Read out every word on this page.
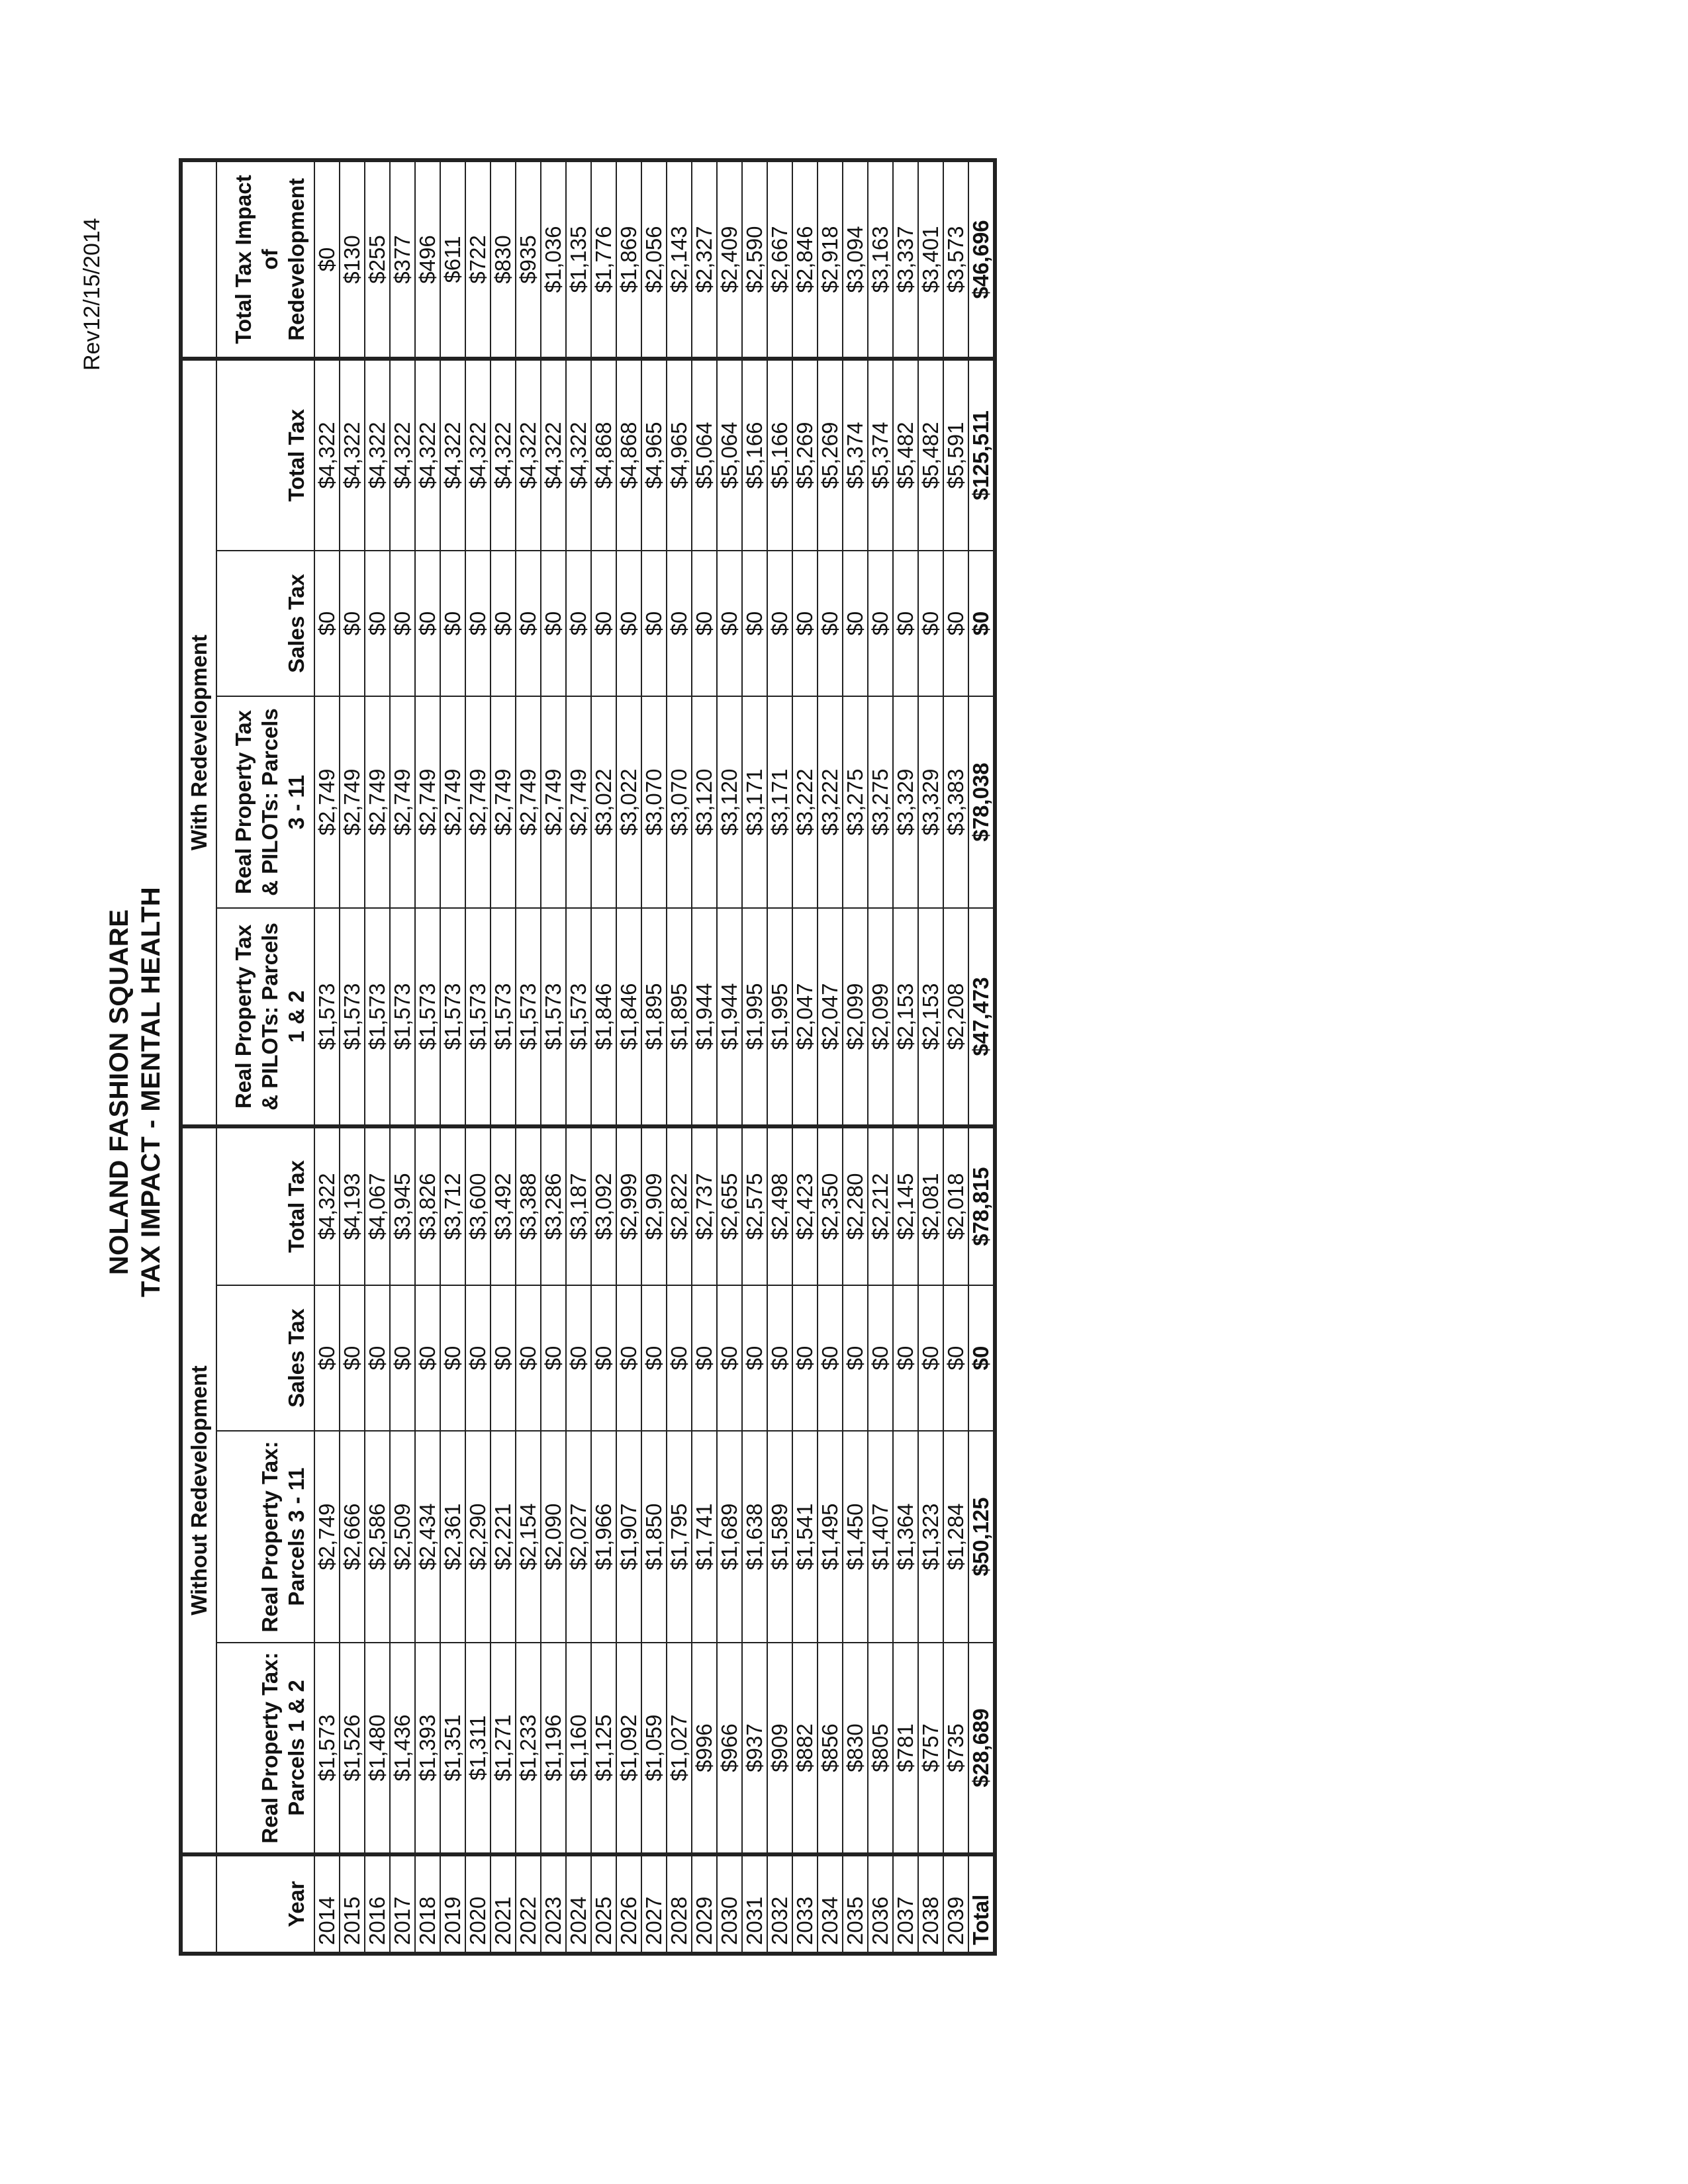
Rev12/15/2014
NOLAND FASHION SQUARE TAX IMPACT - MENTAL HEALTH
	Without Redevelopment				With Redevelopment				
Year	Real Property Tax: Parcels 1 & 2	Real Property Tax: Parcels 3 - 11	Sales Tax	Total Tax	Real Property Tax & PILOTs: Parcels 1 & 2	Real Property Tax & PILOTs: Parcels 3 - 11	Sales Tax	Total Tax	Total Tax Impact of Redevelopment
2014	$1,573	$2,749	$0	$4,322	$1,573	$2,749	$0	$4,322	$0
2015	$1,526	$2,666	$0	$4,193	$1,573	$2,749	$0	$4,322	$130
2016	$1,480	$2,586	$0	$4,067	$1,573	$2,749	$0	$4,322	$255
2017	$1,436	$2,509	$0	$3,945	$1,573	$2,749	$0	$4,322	$377
2018	$1,393	$2,434	$0	$3,826	$1,573	$2,749	$0	$4,322	$496
2019	$1,351	$2,361	$0	$3,712	$1,573	$2,749	$0	$4,322	$611
2020	$1,311	$2,290	$0	$3,600	$1,573	$2,749	$0	$4,322	$722
2021	$1,271	$2,221	$0	$3,492	$1,573	$2,749	$0	$4,322	$830
2022	$1,233	$2,154	$0	$3,388	$1,573	$2,749	$0	$4,322	$935
2023	$1,196	$2,090	$0	$3,286	$1,573	$2,749	$0	$4,322	$1,036
2024	$1,160	$2,027	$0	$3,187	$1,573	$2,749	$0	$4,322	$1,135
2025	$1,125	$1,966	$0	$3,092	$1,846	$3,022	$0	$4,868	$1,776
2026	$1,092	$1,907	$0	$2,999	$1,846	$3,022	$0	$4,868	$1,869
2027	$1,059	$1,850	$0	$2,909	$1,895	$3,070	$0	$4,965	$2,056
2028	$1,027	$1,795	$0	$2,822	$1,895	$3,070	$0	$4,965	$2,143
2029	$996	$1,741	$0	$2,737	$1,944	$3,120	$0	$5,064	$2,327
2030	$966	$1,689	$0	$2,655	$1,944	$3,120	$0	$5,064	$2,409
2031	$937	$1,638	$0	$2,575	$1,995	$3,171	$0	$5,166	$2,590
2032	$909	$1,589	$0	$2,498	$1,995	$3,171	$0	$5,166	$2,667
2033	$882	$1,541	$0	$2,423	$2,047	$3,222	$0	$5,269	$2,846
2034	$856	$1,495	$0	$2,350	$2,047	$3,222	$0	$5,269	$2,918
2035	$830	$1,450	$0	$2,280	$2,099	$3,275	$0	$5,374	$3,094
2036	$805	$1,407	$0	$2,212	$2,099	$3,275	$0	$5,374	$3,163
2037	$781	$1,364	$0	$2,145	$2,153	$3,329	$0	$5,482	$3,337
2038	$757	$1,323	$0	$2,081	$2,153	$3,329	$0	$5,482	$3,401
2039	$735	$1,284	$0	$2,018	$2,208	$3,383	$0	$5,591	$3,573
Total	$28,689	$50,125	$0	$78,815	$47,473	$78,038	$0	$125,511	$46,696
